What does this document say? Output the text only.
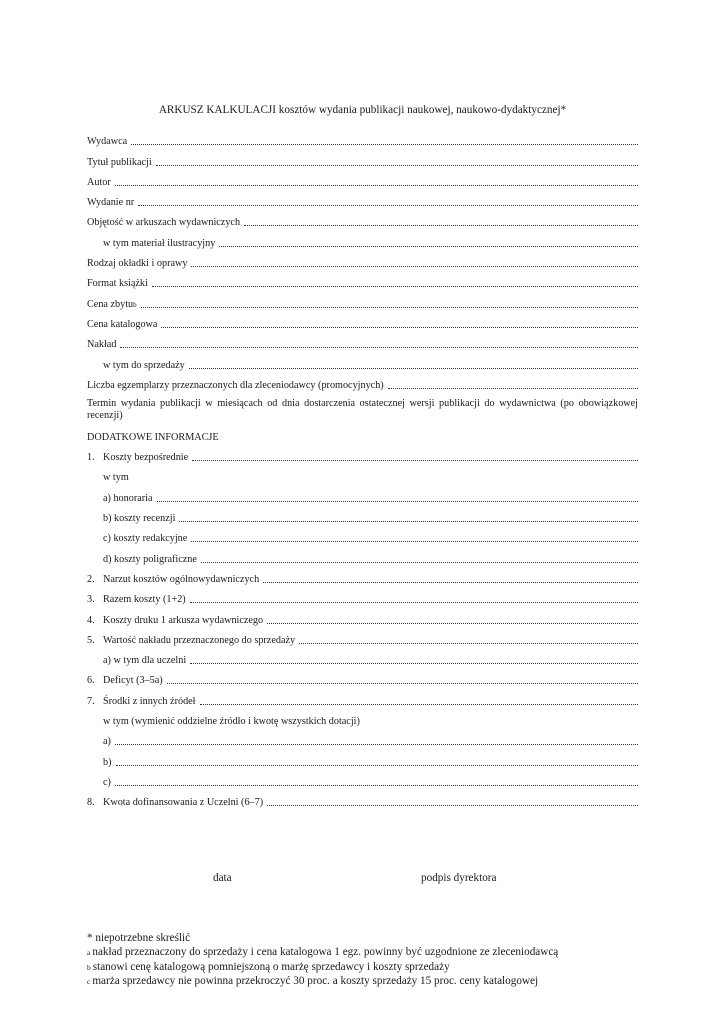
ARKUSZ KALKULACJI kosztów wydania publikacji naukowej, naukowo-dydaktycznej*
Wydawca
Tytuł publikacji
Autor
Wydanie nr
Objętość w arkuszach wydawniczych
w tym materiał ilustracyjny
Rodzaj okładki i oprawy
Format książki
Cena zbytu$^b$
Cena katalogowa
Nakład
w tym do sprzedaży
Liczba egzemplarzy przeznaczonych dla zleceniodawcy (promocyjnych)
Termin wydania publikacji w miesiącach od dnia dostarczenia ostatecznej wersji publikacji do wydawnictwa (po obowiązkowej recenzji)
DODATKOWE INFORMACJE
1. Koszty bezpośrednie
w tym
a) honoraria
b) koszty recenzji
c) koszty redakcyjne
d) koszty poligraficzne
2. Narzut kosztów ogólnowydawniczych
3. Razem koszty (1+2)
4. Koszty druku 1 arkusza wydawniczego
5. Wartość nakładu przeznaczonego do sprzedaży
a) w tym dla uczelni
6. Deficyt (3–5a)
7. Środki z innych źródeł
w tym (wymienić oddzielne źródło i kwotę wszystkich dotacji)
a)
b)
c)
8. Kwota dofinansowania z Uczelni (6–7)
data	podpis dyrektora
* niepotrzebne skreślić
$^a$ nakład przeznaczony do sprzedaży i cena katalogowa 1 egz. powinny być uzgodnione ze zleceniodawcą
$^b$ stanowi cenę katalogową pomniejszoną o marżę sprzedawcy i koszty sprzedaży
$^c$ marża sprzedawcy nie powinna przekroczyć 30 proc. a koszty sprzedaży 15 proc. ceny katalogowej
